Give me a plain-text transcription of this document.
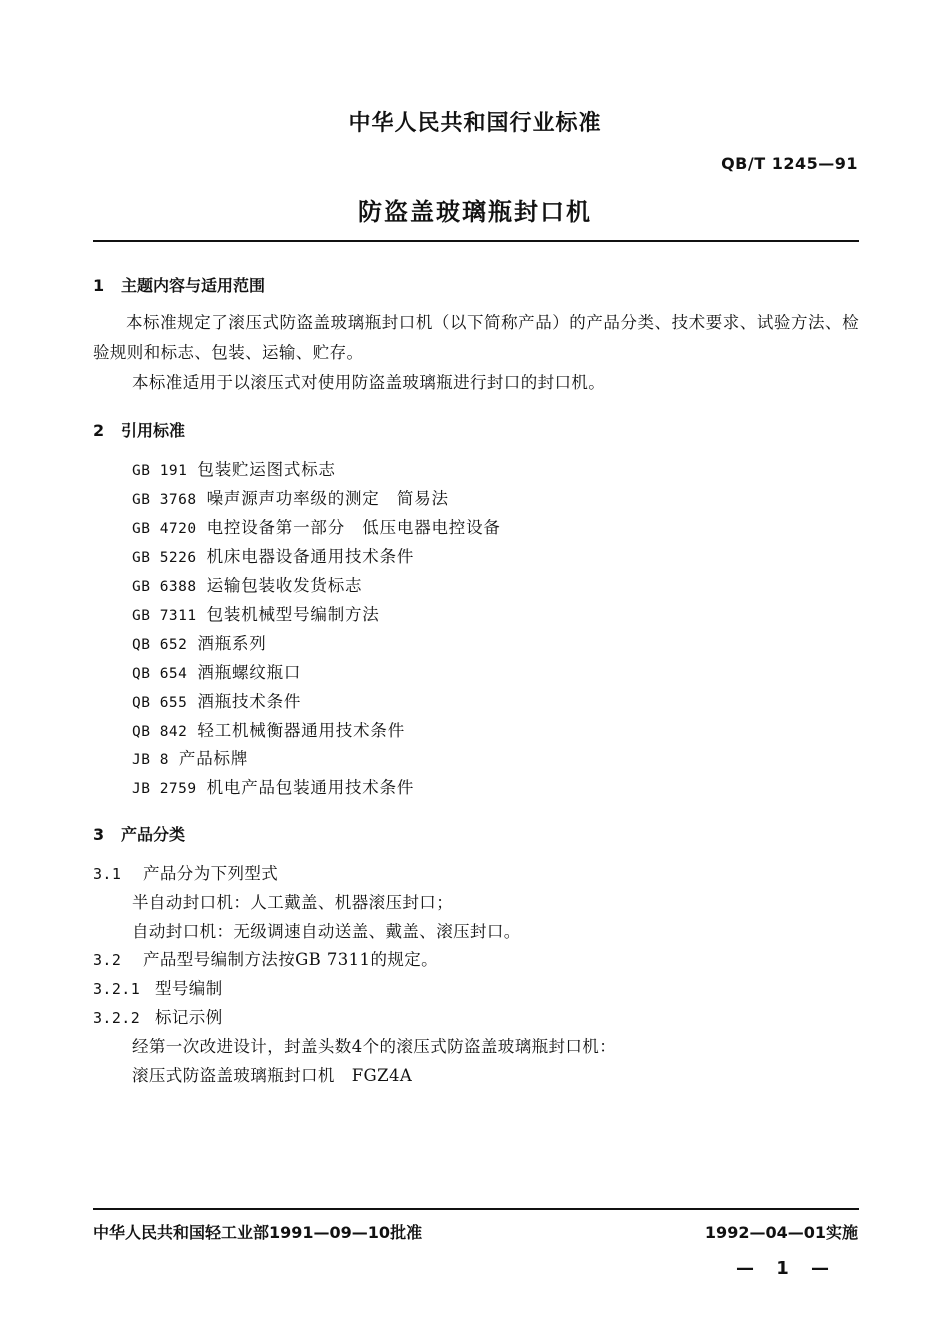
中华人民共和国行业标准
QB/T 1245—91
防盗盖玻璃瓶封口机
1 主题内容与适用范围
本标准规定了滚压式防盗盖玻璃瓶封口机（以下简称产品）的产品分类、技术要求、试验方法、检验规则和标志、包装、运输、贮存。
本标准适用于以滚压式对使用防盗盖玻璃瓶进行封口的封口机。
2 引用标准
GB 191 包装贮运图式标志
GB 3768 噪声源声功率级的测定　简易法
GB 4720 电控设备第一部分　低压电器电控设备
GB 5226 机床电器设备通用技术条件
GB 6388 运输包装收发货标志
GB 7311 包装机械型号编制方法
QB 652 酒瓶系列
QB 654 酒瓶螺纹瓶口
QB 655 酒瓶技术条件
QB 842 轻工机械衡器通用技术条件
JB 8 产品标牌
JB 2759 机电产品包装通用技术条件
3 产品分类
3.1 产品分为下列型式
半自动封口机：人工戴盖、机器滚压封口；
自动封口机：无级调速自动送盖、戴盖、滚压封口。
3.2 产品型号编制方法按GB 7311的规定。
3.2.1 型号编制
3.2.2 标记示例
经第一次改进设计，封盖头数4个的滚压式防盗盖玻璃瓶封口机：
滚压式防盗盖玻璃瓶封口机　FGZ4A
中华人民共和国轻工业部1991—09—10批准	1992—04—01实施
— 1 —
